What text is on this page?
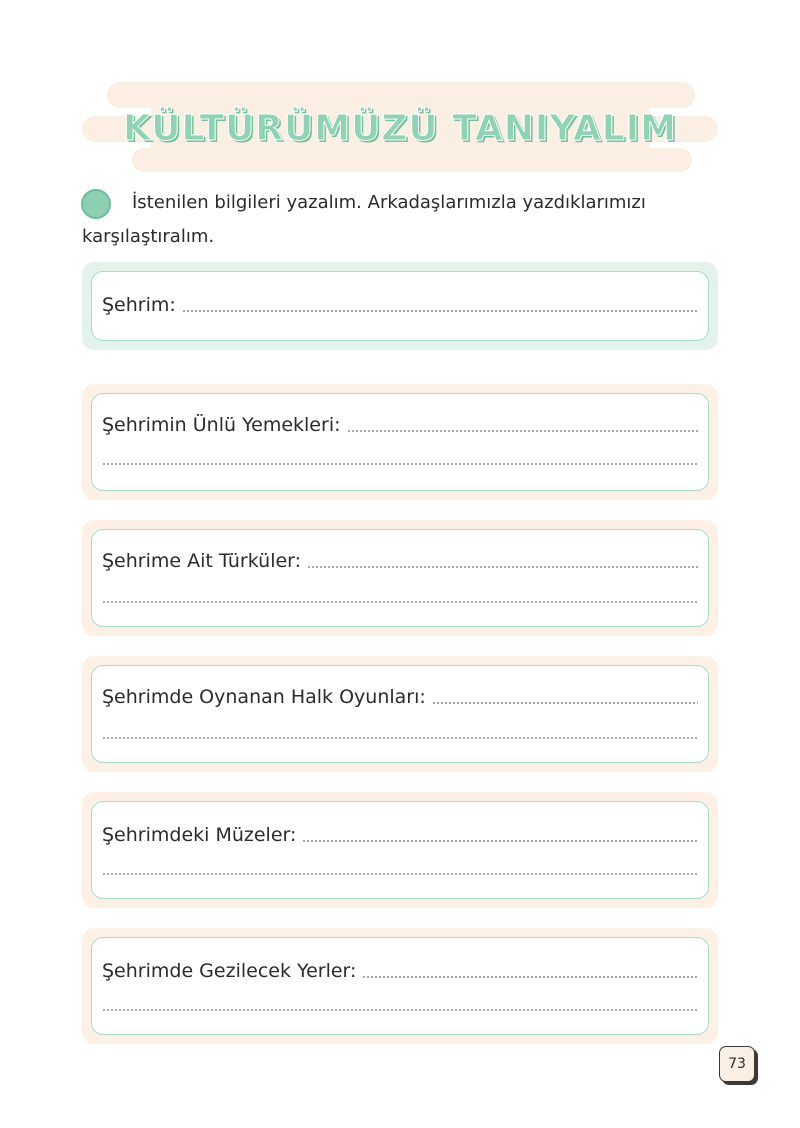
KÜLTÜRÜMÜZÜ TANIYALIM
İstenilen bilgileri yazalım. Arkadaşlarımızla yazdıklarımızı karşılaştıralım.
Şehrim:
Şehrimin Ünlü Yemekleri:
Şehrime Ait Türküler:
Şehrimde Oynanan Halk Oyunları:
Şehrimdeki Müzeler:
Şehrimde Gezilecek Yerler:
73
